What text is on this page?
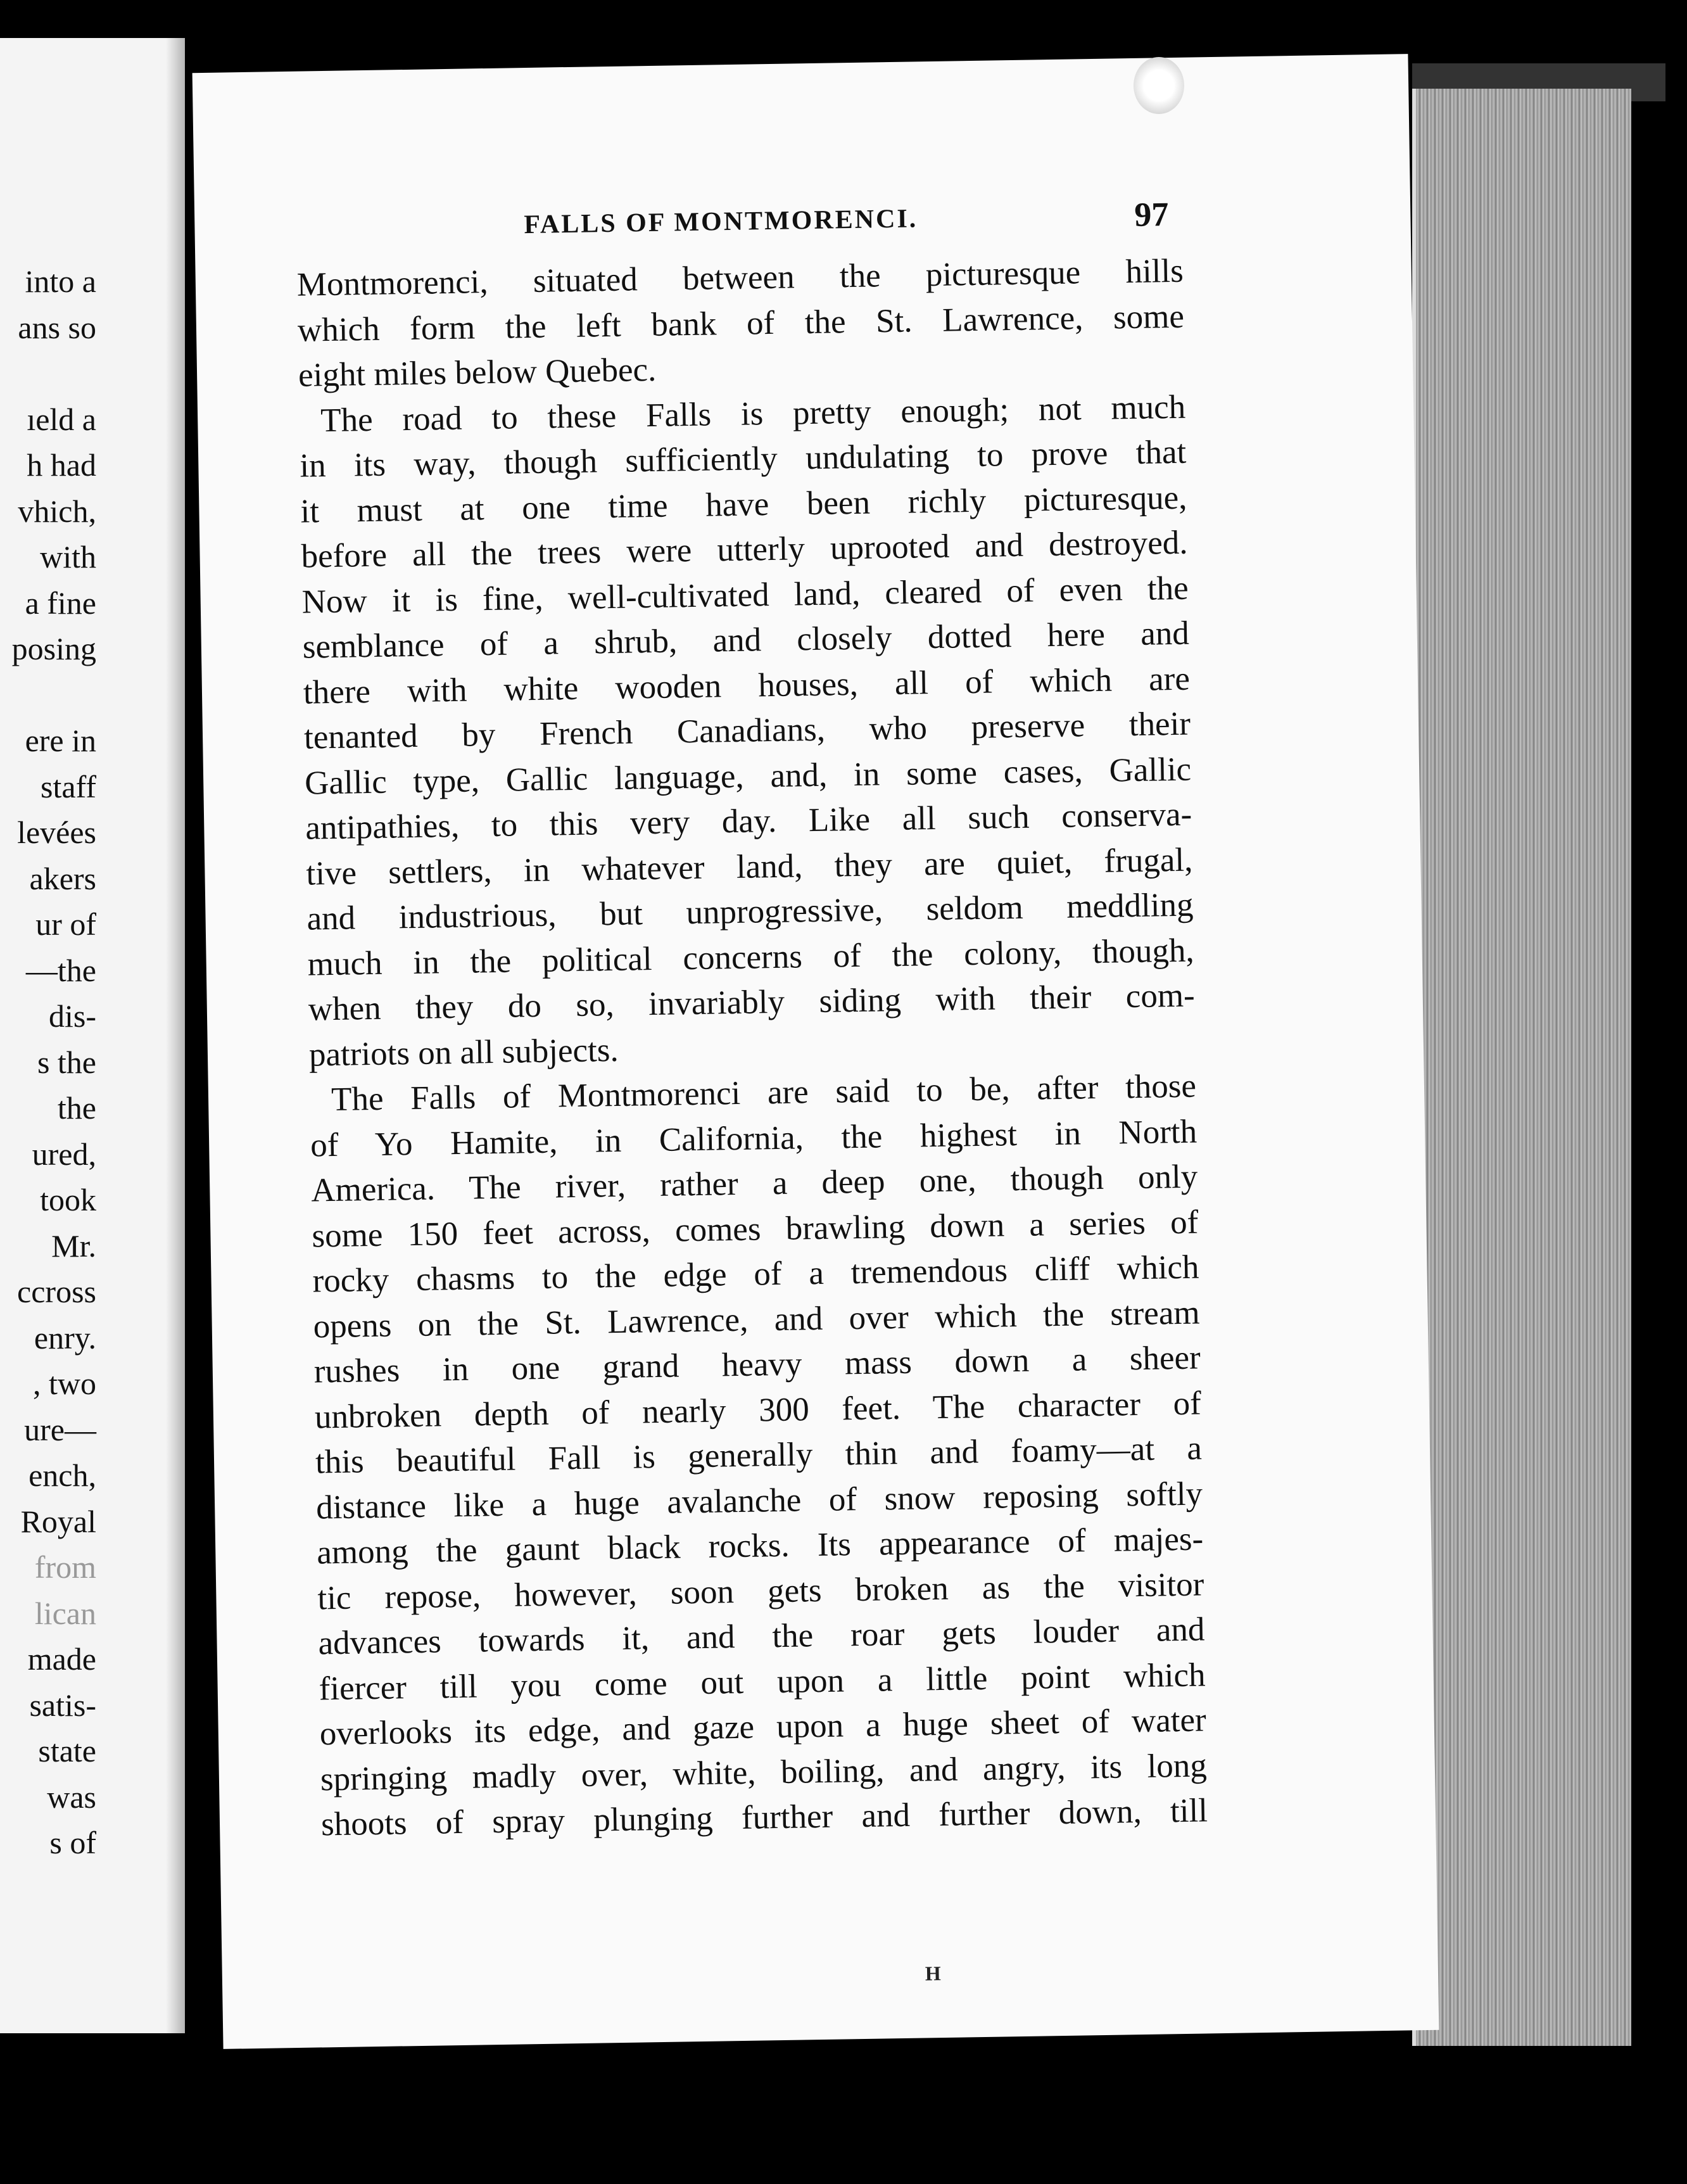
into a
ans so

ıeld a
h had
vhich,
with
a fine
posing

ere in
staff
levées
akers
ur of
—the
dis-
s the
the
ured,
took
Mr.
ccross
enry.
, two
ure—
ench,
Royal
from
lican
made
satis-
state
was
s of
FALLS OF MONTMORENCI.	97
Montmorenci, situated between the picturesque hills
which form the left bank of the St. Lawrence, some
eight miles below Quebec.
The road to these Falls is pretty enough; not much
in its way, though sufficiently undulating to prove that
it must at one time have been richly picturesque,
before all the trees were utterly uprooted and destroyed.
Now it is fine, well-cultivated land, cleared of even the
semblance of a shrub, and closely dotted here and
there with white wooden houses, all of which are
tenanted by French Canadians, who preserve their
Gallic type, Gallic language, and, in some cases, Gallic
antipathies, to this very day. Like all such conserva-
tive settlers, in whatever land, they are quiet, frugal,
and industrious, but unprogressive, seldom meddling
much in the political concerns of the colony, though,
when they do so, invariably siding with their com-
patriots on all subjects.
The Falls of Montmorenci are said to be, after those
of Yo Hamite, in California, the highest in North
America. The river, rather a deep one, though only
some 150 feet across, comes brawling down a series of
rocky chasms to the edge of a tremendous cliff which
opens on the St. Lawrence, and over which the stream
rushes in one grand heavy mass down a sheer
unbroken depth of nearly 300 feet. The character of
this beautiful Fall is generally thin and foamy—at a
distance like a huge avalanche of snow reposing softly
among the gaunt black rocks. Its appearance of majes-
tic repose, however, soon gets broken as the visitor
advances towards it, and the roar gets louder and
fiercer till you come out upon a little point which
overlooks its edge, and gaze upon a huge sheet of water
springing madly over, white, boiling, and angry, its long
shoots of spray plunging further and further down, till
H
